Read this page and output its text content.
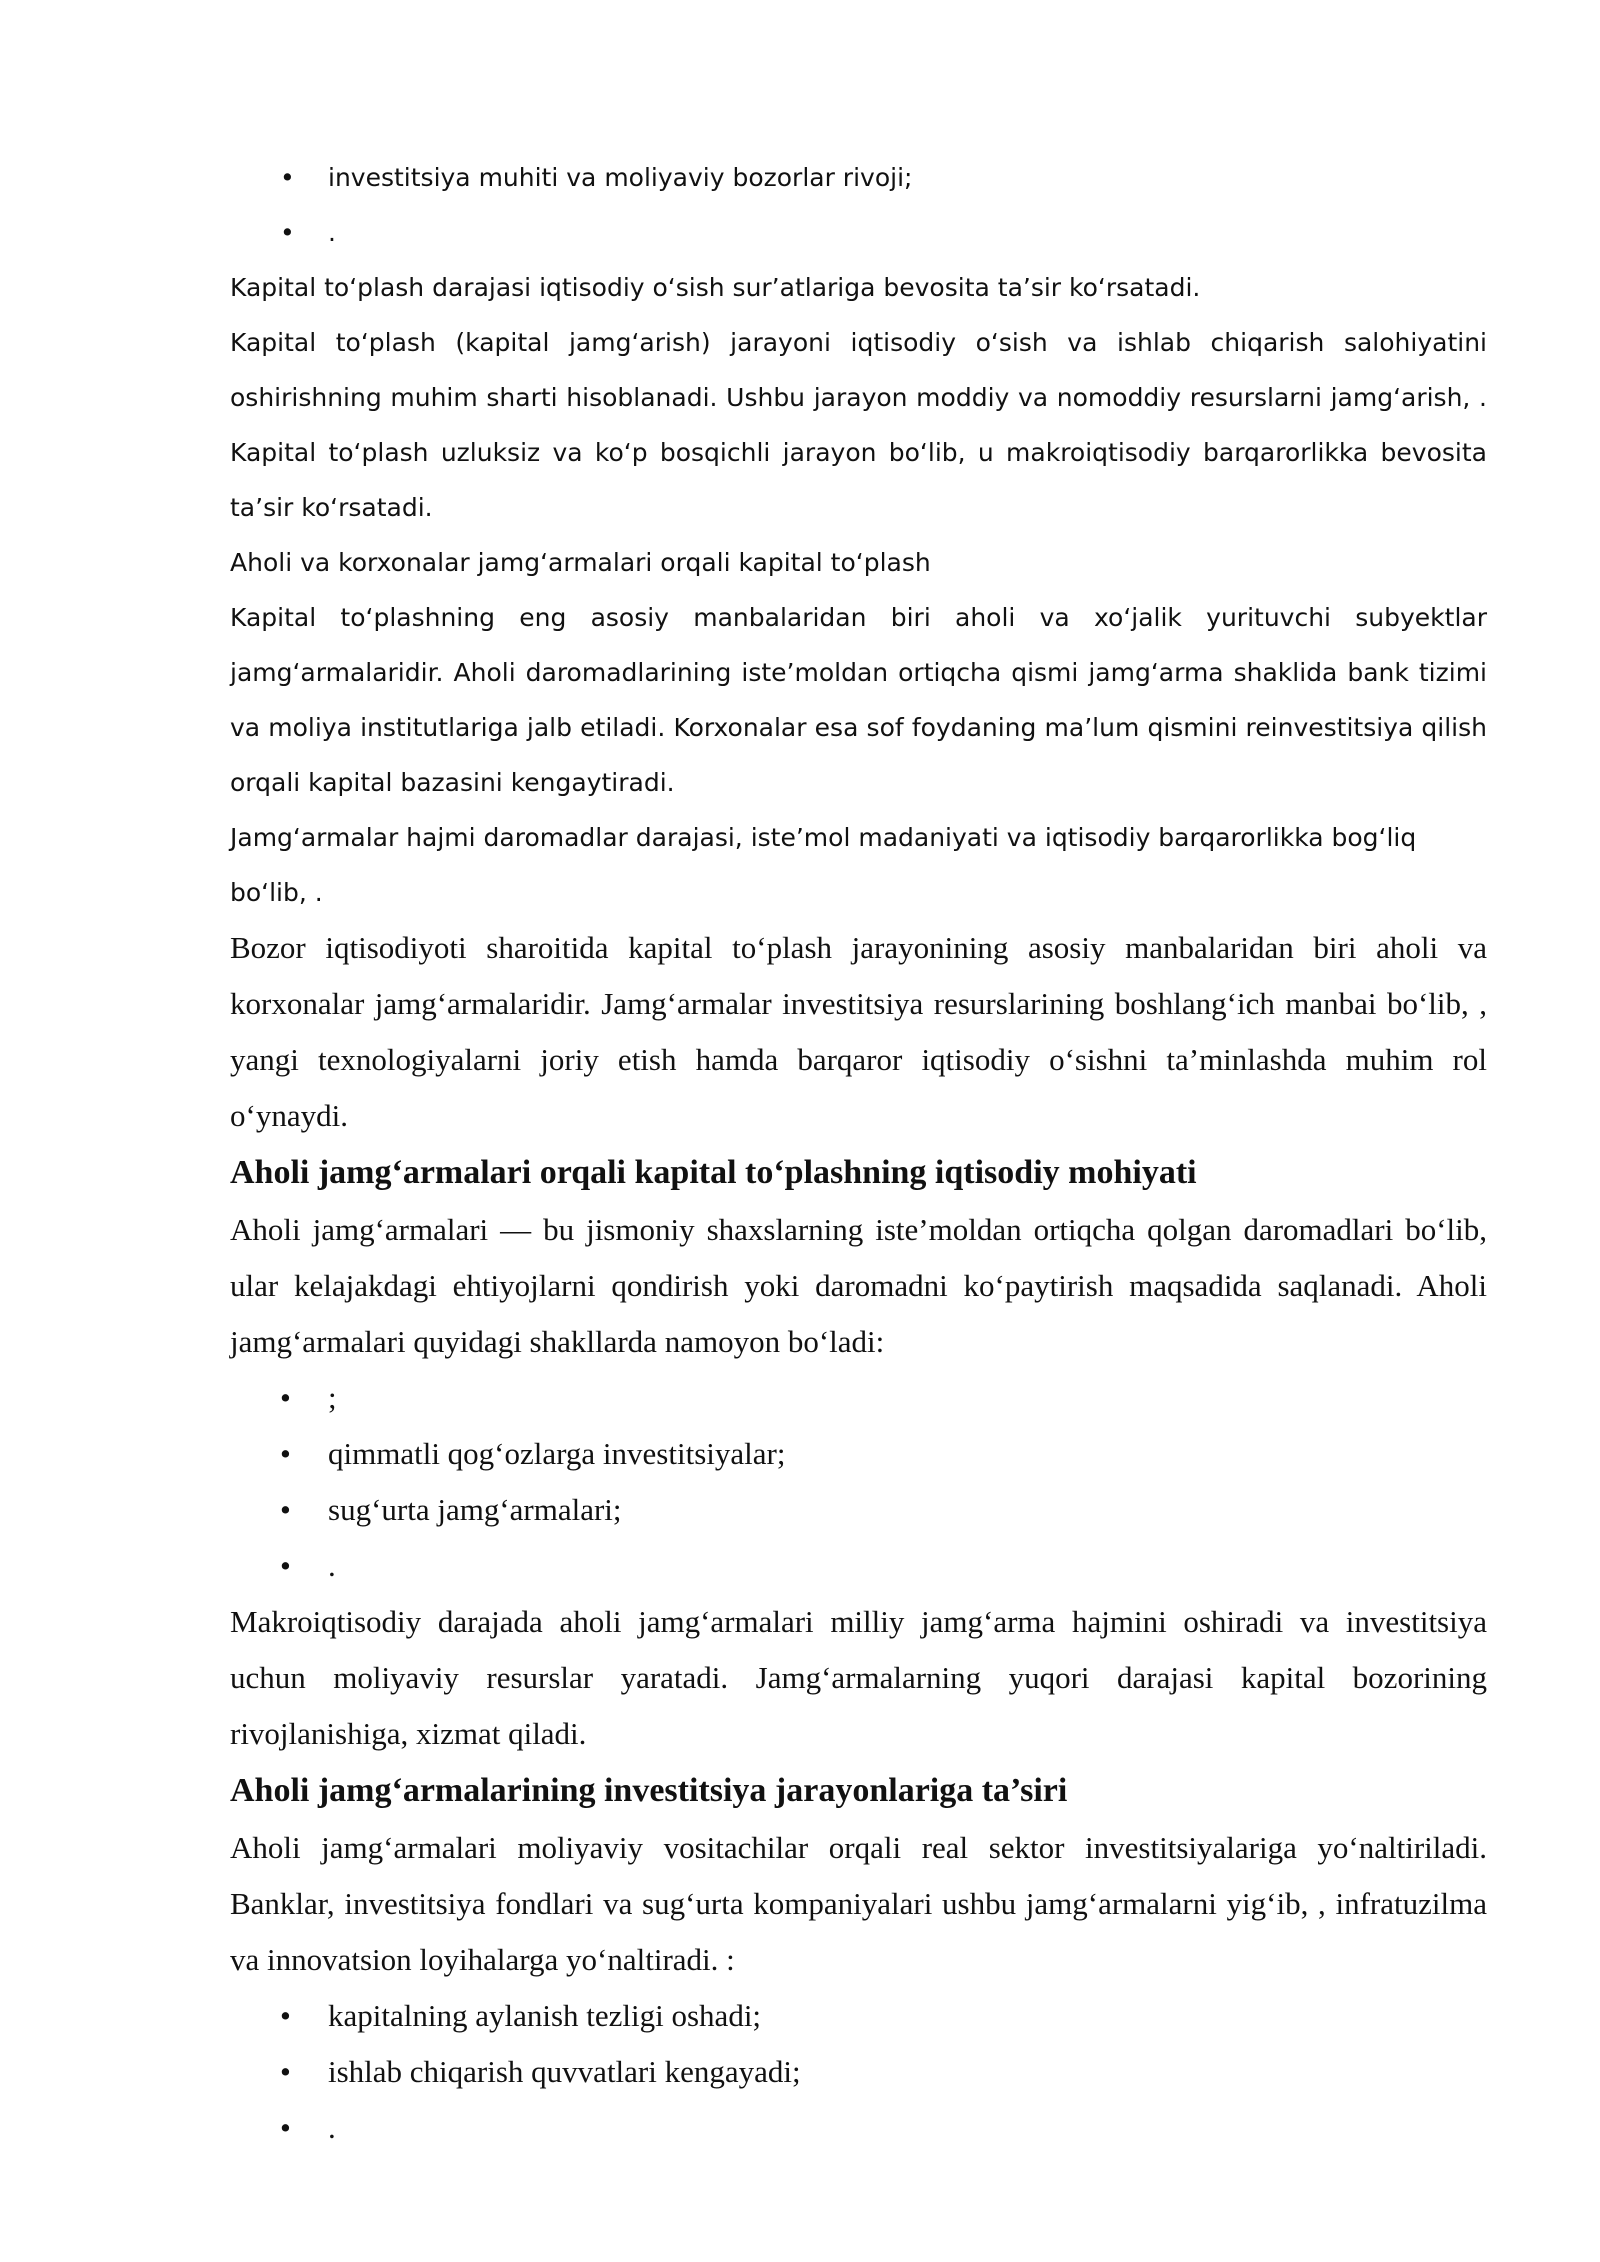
• investitsiya muhiti va moliyaviy bozorlar rivoji;
• .

Kapital to‘plash darajasi iqtisodiy o‘sish sur’atlariga bevosita ta’sir ko‘rsatadi.

Kapital to‘plash (kapital jamg‘arish) jarayoni iqtisodiy o‘sish va ishlab chiqarish salohiyatini oshirishning muhim sharti hisoblanadi. Ushbu jarayon moddiy va nomoddiy resurslarni jamg‘arish, . Kapital to‘plash uzluksiz va ko‘p bosqichli jarayon bo‘lib, u makroiqtisodiy barqarorlikka bevosita ta’sir ko‘rsatadi.

Aholi va korxonalar jamg‘armalari orqali kapital to‘plash

Kapital to‘plashning eng asosiy manbalaridan biri aholi va xo‘jalik yurituvchi subyektlar jamg‘armalaridir. Aholi daromadlarining iste’moldan ortiqcha qismi jamg‘arma shaklida bank tizimi va moliya institutlariga jalb etiladi. Korxonalar esa sof foydaning ma’lum qismini reinvestitsiya qilish orqali kapital bazasini kengaytiradi.

Jamg‘armalar hajmi daromadlar darajasi, iste’mol madaniyati va iqtisodiy barqarorlikka bog‘liq bo‘lib, .

Bozor iqtisodiyoti sharoitida kapital to‘plash jarayonining asosiy manbalaridan biri aholi va korxonalar jamg‘armalaridir. Jamg‘armalar investitsiya resurslarining boshlang‘ich manbai bo‘lib, , yangi texnologiyalarni joriy etish hamda barqaror iqtisodiy o‘sishni ta’minlashda muhim rol o‘ynaydi.

Aholi jamg‘armalari orqali kapital to‘plashning iqtisodiy mohiyati

Aholi jamg‘armalari — bu jismoniy shaxslarning iste’moldan ortiqcha qolgan daromadlari bo‘lib, ular kelajakdagi ehtiyojlarni qondirish yoki daromadni ko‘paytirish maqsadida saqlanadi. Aholi jamg‘armalari quyidagi shakllarda namoyon bo‘ladi:

• ;
• qimmatli qog‘ozlarga investitsiyalar;
• sug‘urta jamg‘armalari;
• .

Makroiqtisodiy darajada aholi jamg‘armalari milliy jamg‘arma hajmini oshiradi va investitsiya uchun moliyaviy resurslar yaratadi. Jamg‘armalarning yuqori darajasi kapital bozorining rivojlanishiga, xizmat qiladi.

Aholi jamg‘armalarining investitsiya jarayonlariga ta’siri

Aholi jamg‘armalari moliyaviy vositachilar orqali real sektor investitsiyalariga yo‘naltiriladi. Banklar, investitsiya fondlari va sug‘urta kompaniyalari ushbu jamg‘armalarni yig‘ib, , infratuzilma va innovatsion loyihalarga yo‘naltiradi. :

• kapitalning aylanish tezligi oshadi;
• ishlab chiqarish quvvatlari kengayadi;
• .
